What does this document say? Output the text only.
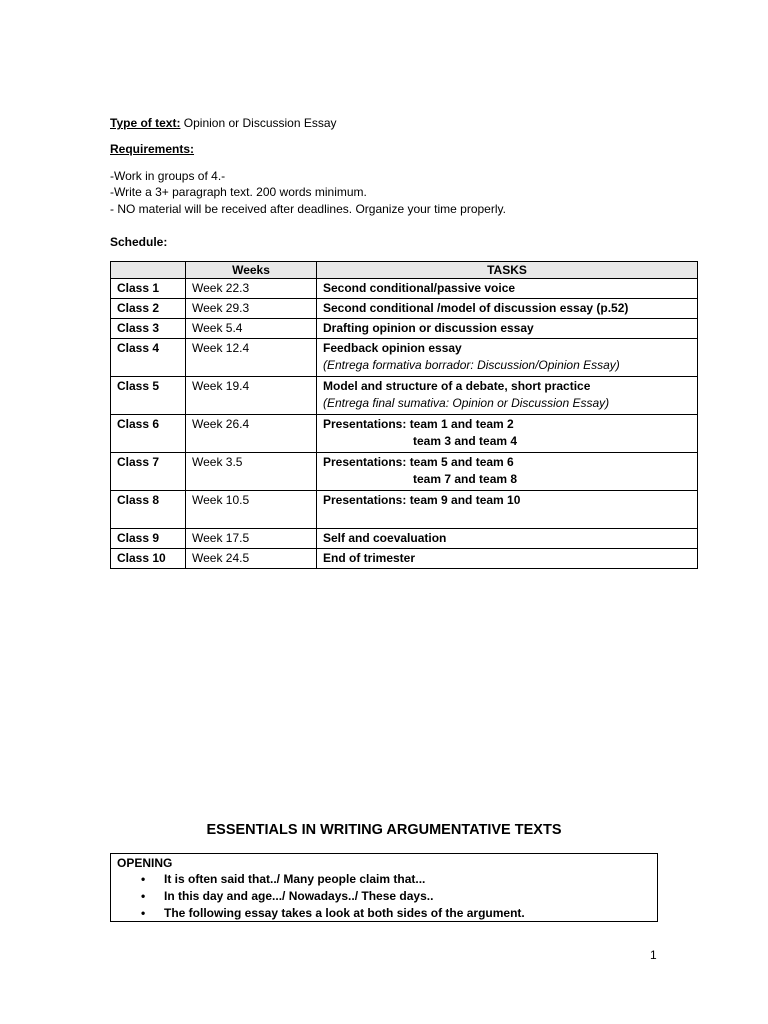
Type of text: Opinion or Discussion Essay
Requirements:
-Work in groups of 4.-
-Write a 3+ paragraph text. 200 words minimum.
- NO material will be received after deadlines. Organize your time properly.
Schedule:
	Weeks	TASKS
Class 1	Week 22.3	Second conditional/passive voice
Class 2	Week 29.3	Second conditional /model of discussion essay (p.52)
Class 3	Week 5.4	Drafting opinion or discussion essay
Class 4	Week 12.4	Feedback opinion essay
(Entrega formativa borrador: Discussion/Opinion Essay)

Class 5	Week 19.4	Model and structure of a debate, short practice
(Entrega final sumativa: Opinion or Discussion Essay)

Class 6	Week 26.4	Presentations: team 1 and team 2
team 3 and team 4

Class 7	Week 3.5	Presentations: team 5 and team 6
team 7 and team 8

Class 8	Week 10.5	Presentations: team 9 and team 10
Class 9	Week 17.5	Self and coevaluation
Class 10	Week 24.5	End of trimester
ESSENTIALS IN WRITING ARGUMENTATIVE TEXTS
OPENING
• It is often said that../ Many people claim that...
• In this day and age.../ Nowadays../ These days..
• The following essay takes a look at both sides of the argument.
1
